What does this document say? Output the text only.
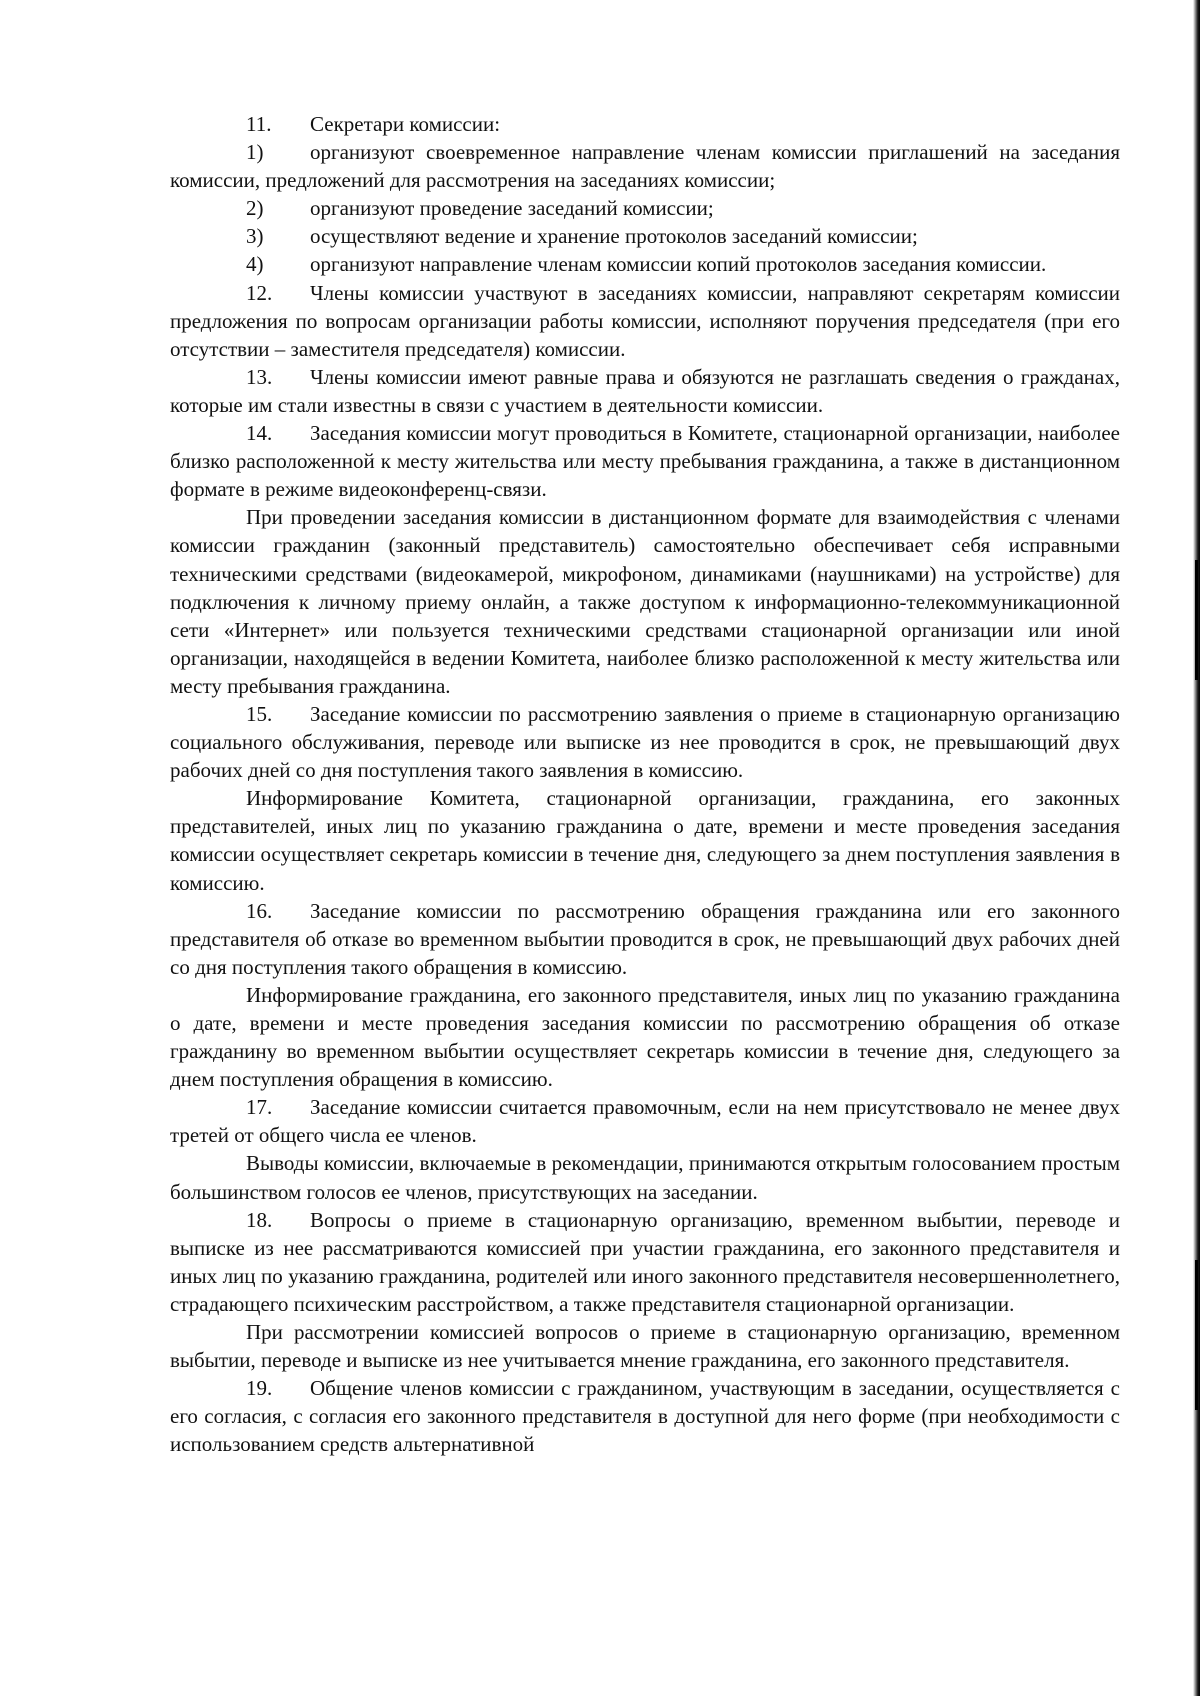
11. Секретари комиссии:

1) организуют своевременное направление членам комиссии приглашений на заседания комиссии, предложений для рассмотрения на заседаниях комиссии;

2) организуют проведение заседаний комиссии;

3) осуществляют ведение и хранение протоколов заседаний комиссии;

4) организуют направление членам комиссии копий протоколов заседания комиссии.

12. Члены комиссии участвуют в заседаниях комиссии, направляют секретарям комиссии предложения по вопросам организации работы комиссии, исполняют поручения председателя (при его отсутствии – заместителя председателя) комиссии.

13. Члены комиссии имеют равные права и обязуются не разглашать сведения о гражданах, которые им стали известны в связи с участием в деятельности комиссии.

14. Заседания комиссии могут проводиться в Комитете, стационарной организации, наиболее близко расположенной к месту жительства или месту пребывания гражданина, а также в дистанционном формате в режиме видеоконференц-связи.

При проведении заседания комиссии в дистанционном формате для взаимодействия с членами комиссии гражданин (законный представитель) самостоятельно обеспечивает себя исправными техническими средствами (видеокамерой, микрофоном, динамиками (наушниками) на устройстве) для подключения к личному приему онлайн, а также доступом к информационно-телекоммуникационной сети «Интернет» или пользуется техническими средствами стационарной организации или иной организации, находящейся в ведении Комитета, наиболее близко расположенной к месту жительства или месту пребывания гражданина.

15. Заседание комиссии по рассмотрению заявления о приеме в стационарную организацию социального обслуживания, переводе или выписке из нее проводится в срок, не превышающий двух рабочих дней со дня поступления такого заявления в комиссию.

Информирование Комитета, стационарной организации, гражданина, его законных представителей, иных лиц по указанию гражданина о дате, времени и месте проведения заседания комиссии осуществляет секретарь комиссии в течение дня, следующего за днем поступления заявления в комиссию.

16. Заседание комиссии по рассмотрению обращения гражданина или его законного представителя об отказе во временном выбытии проводится в срок, не превышающий двух рабочих дней со дня поступления такого обращения в комиссию.

Информирование гражданина, его законного представителя, иных лиц по указанию гражданина о дате, времени и месте проведения заседания комиссии по рассмотрению обращения об отказе гражданину во временном выбытии осуществляет секретарь комиссии в течение дня, следующего за днем поступления обращения в комиссию.

17. Заседание комиссии считается правомочным, если на нем присутствовало не менее двух третей от общего числа ее членов.

Выводы комиссии, включаемые в рекомендации, принимаются открытым голосованием простым большинством голосов ее членов, присутствующих на заседании.

18. Вопросы о приеме в стационарную организацию, временном выбытии, переводе и выписке из нее рассматриваются комиссией при участии гражданина, его законного представителя и иных лиц по указанию гражданина, родителей или иного законного представителя несовершеннолетнего, страдающего психическим расстройством, а также представителя стационарной организации.

При рассмотрении комиссией вопросов о приеме в стационарную организацию, временном выбытии, переводе и выписке из нее учитывается мнение гражданина, его законного представителя.

19. Общение членов комиссии с гражданином, участвующим в заседании, осуществляется с его согласия, с согласия его законного представителя в доступной для него форме (при необходимости с использованием средств альтернативной
